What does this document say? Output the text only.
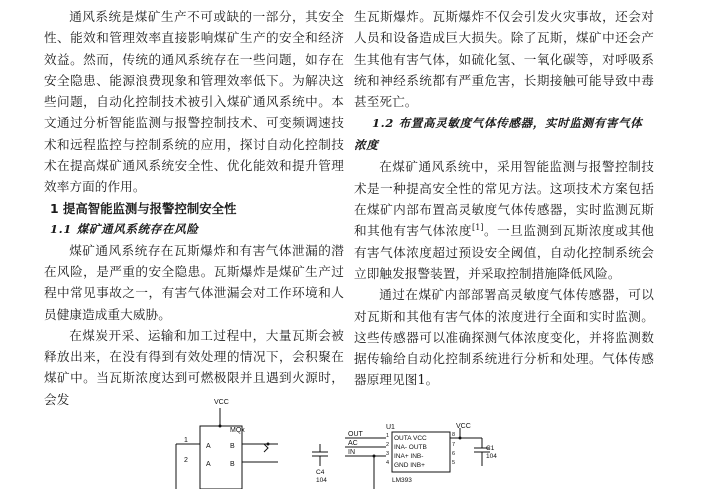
通风系统是煤矿生产不可或缺的一部分，其安全性、能效和管理效率直接影响煤矿生产的安全和经济效益。然而，传统的通风系统存在一些问题，如存在安全隐患、能源浪费现象和管理效率低下。为解决这些问题，自动化控制技术被引入煤矿通风系统中。本文通过分析智能监测与报警控制技术、可变频调速技术和远程监控与控制系统的应用，探讨自动化控制技术在提高煤矿通风系统安全性、优化能效和提升管理效率方面的作用。

1 提高智能监测与报警控制安全性
1.1 煤矿通风系统存在风险

煤矿通风系统存在瓦斯爆炸和有害气体泄漏的潜在风险，是严重的安全隐患。瓦斯爆炸是煤矿生产过程中常见事故之一，有害气体泄漏会对工作环境和人员健康造成重大威胁。

在煤炭开采、运输和加工过程中，大量瓦斯会被释放出来，在没有得到有效处理的情况下，会积聚在煤矿中。当瓦斯浓度达到可燃极限并且遇到火源时，会发

生瓦斯爆炸。瓦斯爆炸不仅会引发火灾事故，还会对人员和设备造成巨大损失。除了瓦斯，煤矿中还会产生其他有害气体，如硫化氢、一氧化碳等，对呼吸系统和神经系统都有严重危害，长期接触可能导致中毒甚至死亡。

1.2 布置高灵敏度气体传感器，实时监测有害气体浓度

在煤矿通风系统中，采用智能监测与报警控制技术是一种提高安全性的常见方法。这项技术方案包括在煤矿内部布置高灵敏度气体传感器，实时监测瓦斯和其他有害气体浓度[1]。一旦监测到瓦斯浓度或其他有害气体浓度超过预设安全阈值，自动化控制系统会立即触发报警装置，并采取控制措施降低风险。

通过在煤矿内部部署高灵敏度气体传感器，可以对瓦斯和其他有害气体的浓度进行全面和实时监测。这些传感器可以准确探测气体浓度变化，并将监测数据传输给自动化控制系统进行分析和处理。气体传感器原理见图1。

VCC
VCC
MQx
1
2
A
A
B
B
C4
104
U1
OUT
AC
IN
1
2
3
4	5
6
7
8
OUTA VCC
INA- OUTB
INA+ INB-
GND INB+
LM393
C1
104
